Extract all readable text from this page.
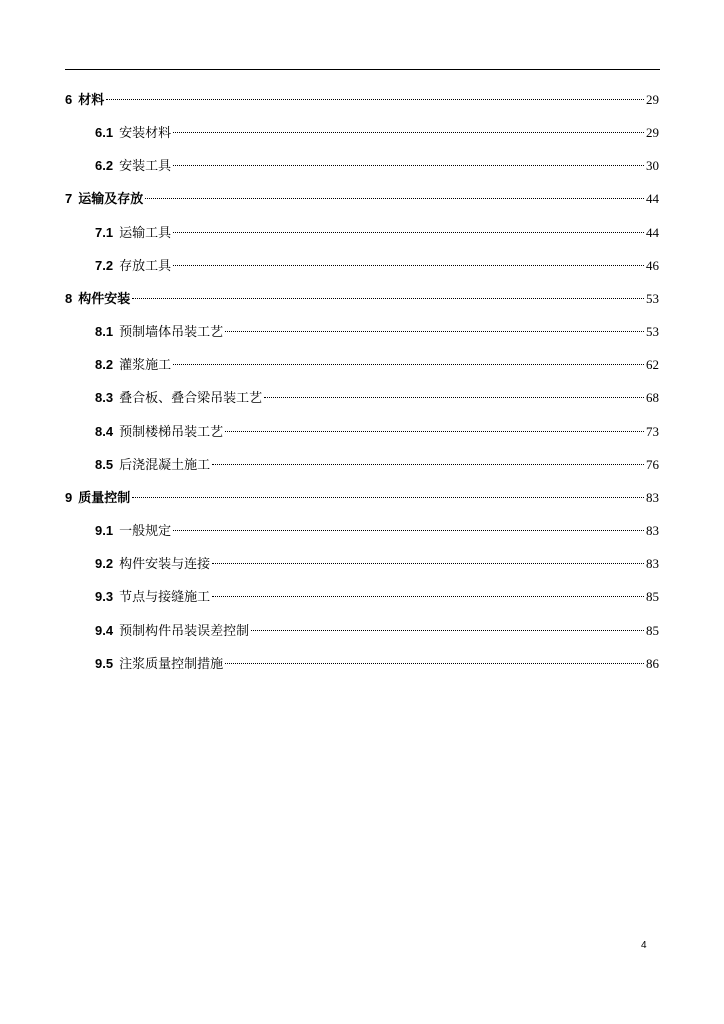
6 材料	29
6.1 安装材料	29
6.2 安装工具	30
7 运输及存放	44
7.1 运输工具	44
7.2 存放工具	46
8 构件安装	53
8.1 预制墙体吊装工艺	53
8.2 灌浆施工	62
8.3 叠合板、叠合梁吊装工艺	68
8.4 预制楼梯吊装工艺	73
8.5 后浇混凝土施工	76
9 质量控制	83
9.1 一般规定	83
9.2 构件安装与连接	83
9.3 节点与接缝施工	85
9.4 预制构件吊装误差控制	85
9.5 注浆质量控制措施	86
4
